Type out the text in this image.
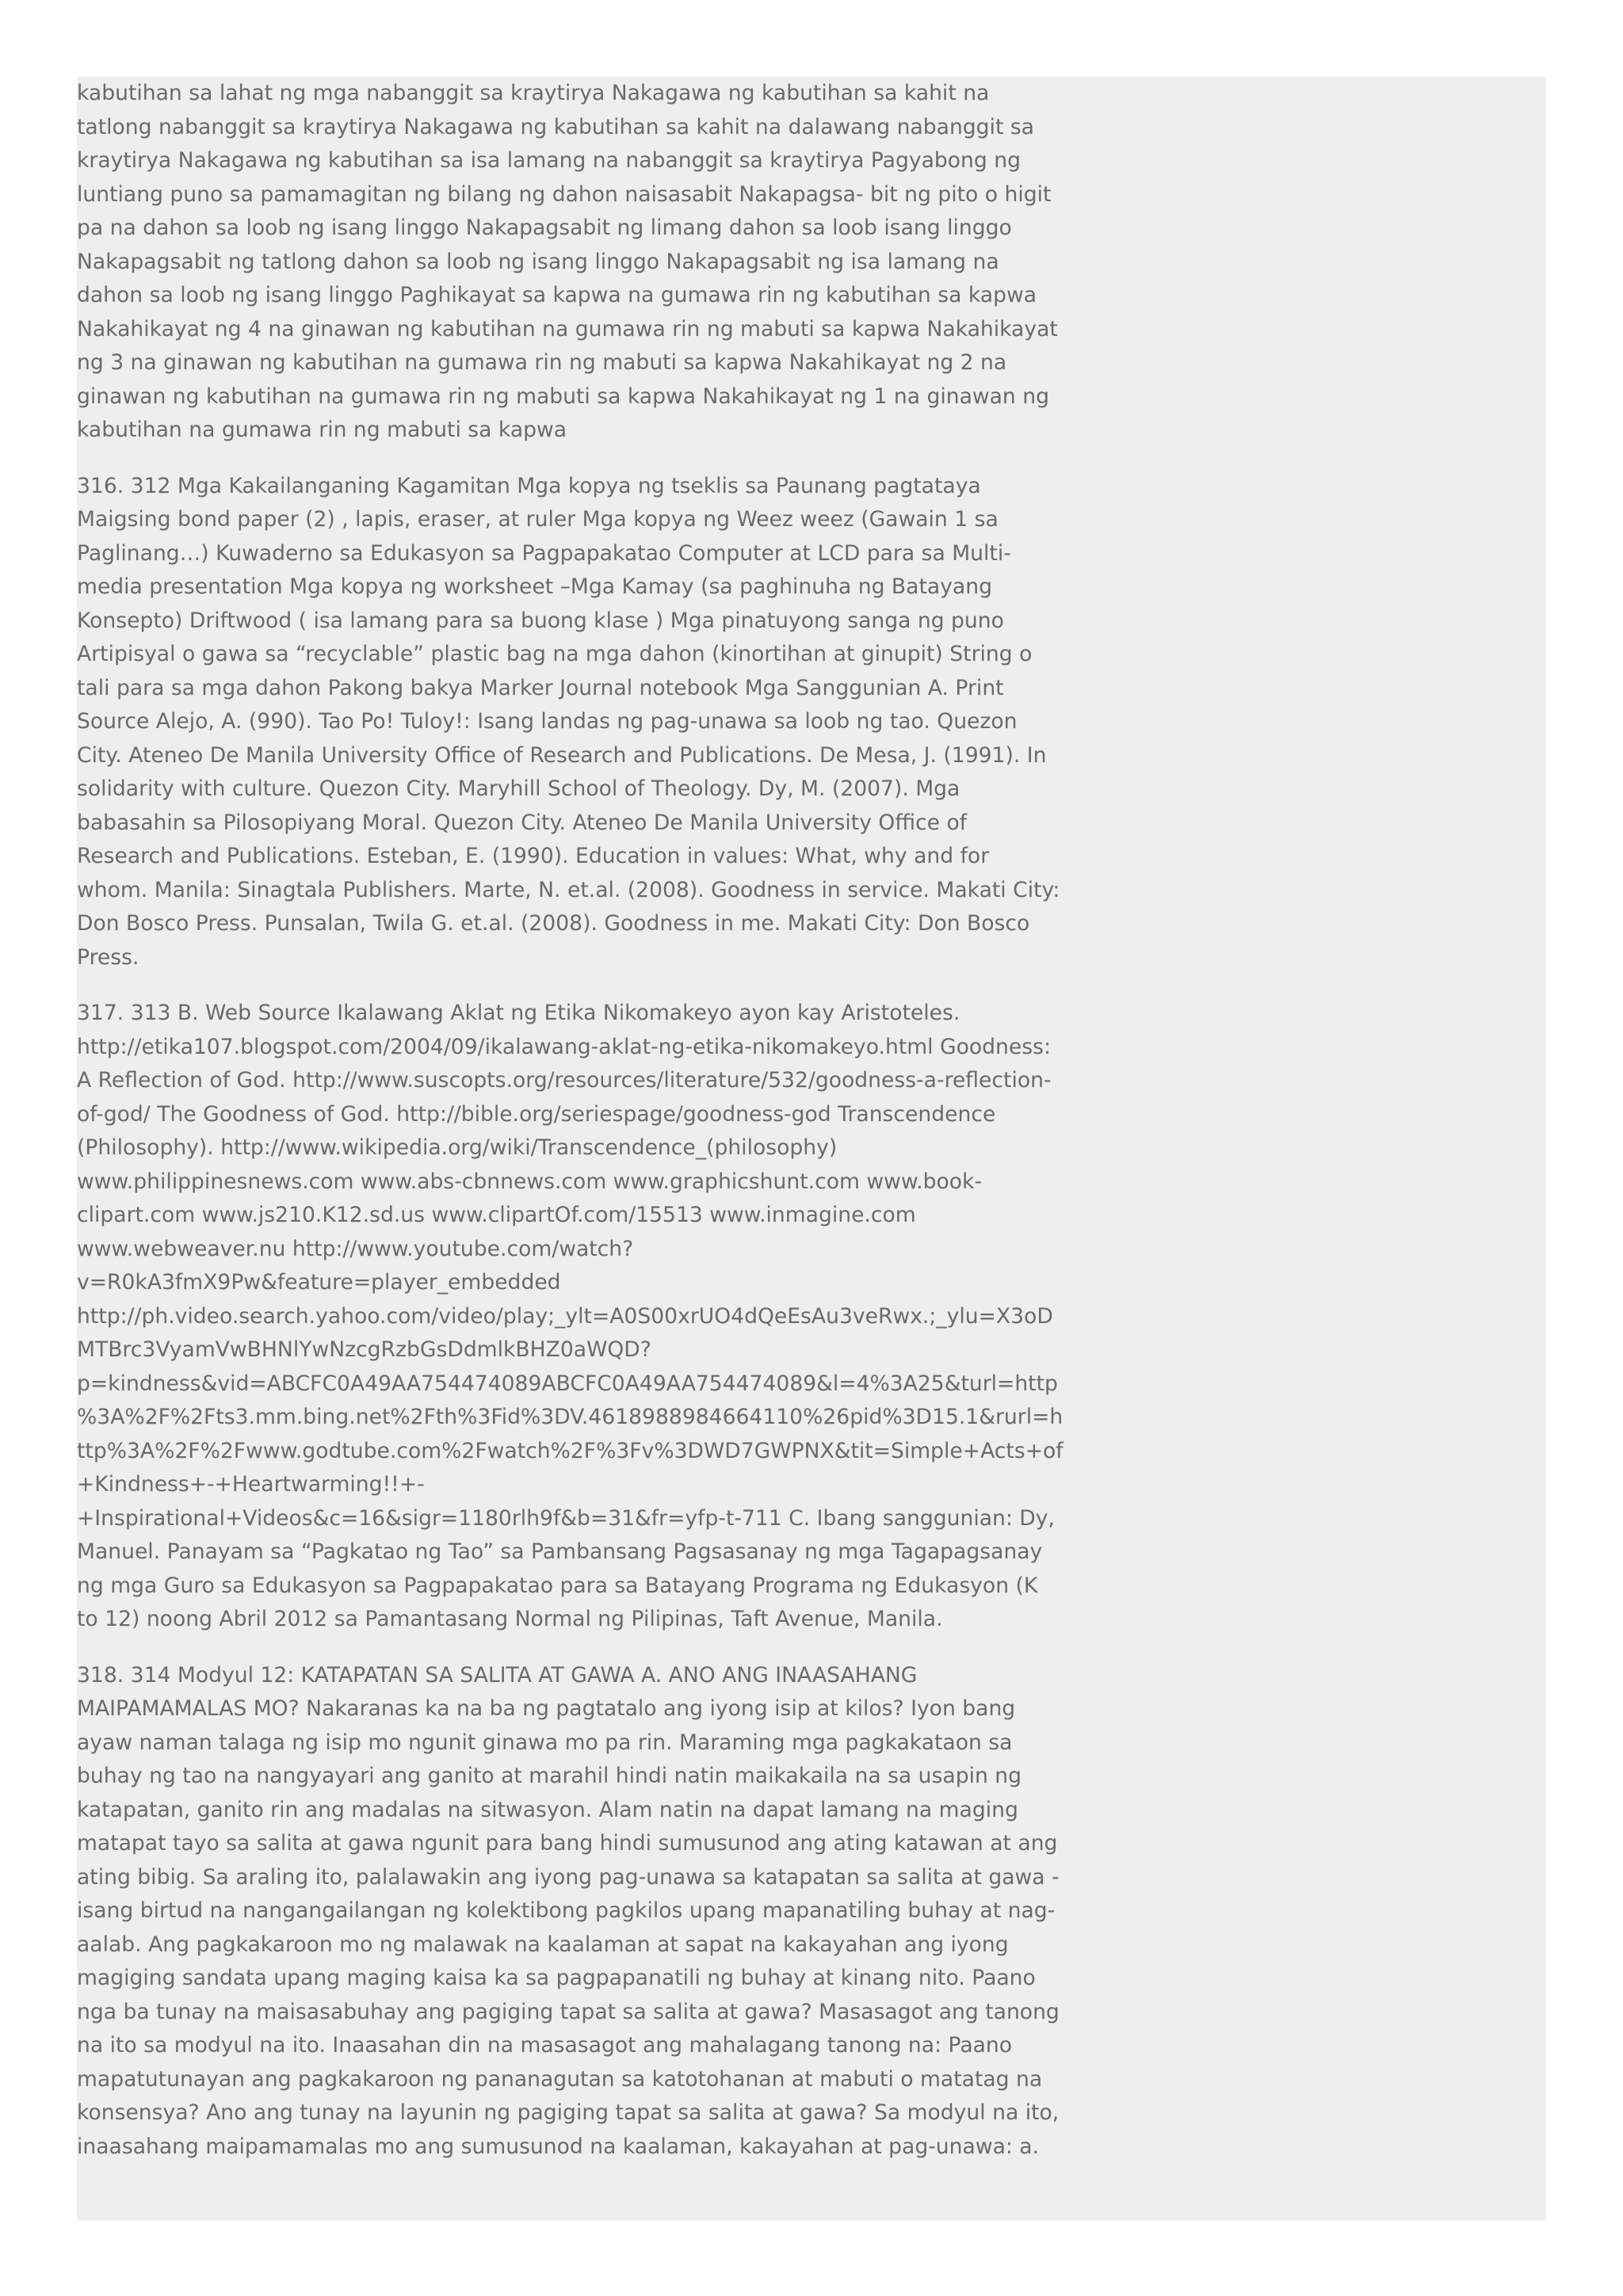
kabutihan sa lahat ng mga nabanggit sa kraytirya Nakagawa ng kabutihan sa kahit na tatlong nabanggit sa kraytirya Nakagawa ng kabutihan sa kahit na dalawang nabanggit sa kraytirya Nakagawa ng kabutihan sa isa lamang na nabanggit sa kraytirya Pagyabong ng luntiang puno sa pamamagitan ng bilang ng dahon naisasabit Nakapagsa- bit ng pito o higit pa na dahon sa loob ng isang linggo Nakapagsabit ng limang dahon sa loob isang linggo Nakapagsabit ng tatlong dahon sa loob ng isang linggo Nakapagsabit ng isa lamang na dahon sa loob ng isang linggo Paghikayat sa kapwa na gumawa rin ng kabutihan sa kapwa Nakahikayat ng 4 na ginawan ng kabutihan na gumawa rin ng mabuti sa kapwa Nakahikayat ng 3 na ginawan ng kabutihan na gumawa rin ng mabuti sa kapwa Nakahikayat ng 2 na ginawan ng kabutihan na gumawa rin ng mabuti sa kapwa Nakahikayat ng 1 na ginawan ng kabutihan na gumawa rin ng mabuti sa kapwa

316. 312 Mga Kakailanganing Kagamitan Mga kopya ng tseklis sa Paunang pagtataya Maigsing bond paper (2) , lapis, eraser, at ruler Mga kopya ng Weez weez (Gawain 1 sa Paglinang…) Kuwaderno sa Edukasyon sa Pagpapakatao Computer at LCD para sa Multi-media presentation Mga kopya ng worksheet –Mga Kamay (sa paghinuha ng Batayang Konsepto) Driftwood ( isa lamang para sa buong klase ) Mga pinatuyong sanga ng puno Artipisyal o gawa sa “recyclable” plastic bag na mga dahon (kinortihan at ginupit) String o tali para sa mga dahon Pakong bakya Marker Journal notebook Mga Sanggunian A. Print Source Alejo, A. (990). Tao Po! Tuloy!: Isang landas ng pag-unawa sa loob ng tao. Quezon City. Ateneo De Manila University Office of Research and Publications. De Mesa, J. (1991). In solidarity with culture. Quezon City. Maryhill School of Theology. Dy, M. (2007). Mga babasahin sa Pilosopiyang Moral. Quezon City. Ateneo De Manila University Office of Research and Publications. Esteban, E. (1990). Education in values: What, why and for whom. Manila: Sinagtala Publishers. Marte, N. et.al. (2008). Goodness in service. Makati City: Don Bosco Press. Punsalan, Twila G. et.al. (2008). Goodness in me. Makati City: Don Bosco Press.

317. 313 B. Web Source Ikalawang Aklat ng Etika Nikomakeyo ayon kay Aristoteles. http://etika107.blogspot.com/2004/09/ikalawang-aklat-ng-etika-nikomakeyo.html Goodness: A Reflection of God. http://www.suscopts.org/resources/literature/532/goodness-a-reflection-of-god/ The Goodness of God. http://bible.org/seriespage/goodness-god Transcendence (Philosophy). http://www.wikipedia.org/wiki/Transcendence_(philosophy) www.philippinesnews.com www.abs-cbnnews.com www.graphicshunt.com www.book-clipart.com www.js210.K12.sd.us www.clipartOf.com/15513 www.inmagine.com www.webweaver.nu http://www.youtube.com/watch?v=R0kA3fmX9Pw&feature=player_embedded http://ph.video.search.yahoo.com/video/play;_ylt=A0S00xrUO4dQeEsAu3veRwx.;_ylu=X3oDMTBrc3VyamVwBHNlYwNzcgRzbGsDdmlkBHZ0aWQD?p=kindness&vid=ABCFC0A49AA754474089ABCFC0A49AA754474089&l=4%3A25&turl=http%3A%2F%2Fts3.mm.bing.net%2Fth%3Fid%3DV.4618988984664110%26pid%3D15.1&rurl=http%3A%2F%2Fwww.godtube.com%2Fwatch%2F%3Fv%3DWD7GWPNX&tit=Simple+Acts+of+Kindness+-+Heartwarming!!+-+Inspirational+Videos&c=16&sigr=1180rlh9f&b=31&fr=yfp-t-711 C. Ibang sanggunian: Dy, Manuel. Panayam sa “Pagkatao ng Tao” sa Pambansang Pagsasanay ng mga Tagapagsanay ng mga Guro sa Edukasyon sa Pagpapakatao para sa Batayang Programa ng Edukasyon (K to 12) noong Abril 2012 sa Pamantasang Normal ng Pilipinas, Taft Avenue, Manila.

318. 314 Modyul 12: KATAPATAN SA SALITA AT GAWA A. ANO ANG INAASAHANG MAIPAMAMALAS MO? Nakaranas ka na ba ng pagtatalo ang iyong isip at kilos? Iyon bang ayaw naman talaga ng isip mo ngunit ginawa mo pa rin. Maraming mga pagkakataon sa buhay ng tao na nangyayari ang ganito at marahil hindi natin maikakaila na sa usapin ng katapatan, ganito rin ang madalas na sitwasyon. Alam natin na dapat lamang na maging matapat tayo sa salita at gawa ngunit para bang hindi sumusunod ang ating katawan at ang ating bibig. Sa araling ito, palalawakin ang iyong pag-unawa sa katapatan sa salita at gawa - isang birtud na nangangailangan ng kolektibong pagkilos upang mapanatiling buhay at nag-aalab. Ang pagkakaroon mo ng malawak na kaalaman at sapat na kakayahan ang iyong magiging sandata upang maging kaisa ka sa pagpapanatili ng buhay at kinang nito. Paano nga ba tunay na maisasabuhay ang pagiging tapat sa salita at gawa? Masasagot ang tanong na ito sa modyul na ito. Inaasahan din na masasagot ang mahalagang tanong na: Paano mapatutunayan ang pagkakaroon ng pananagutan sa katotohanan at mabuti o matatag na konsensya? Ano ang tunay na layunin ng pagiging tapat sa salita at gawa? Sa modyul na ito, inaasahang maipamamalas mo ang sumusunod na kaalaman, kakayahan at pag-unawa: a.
